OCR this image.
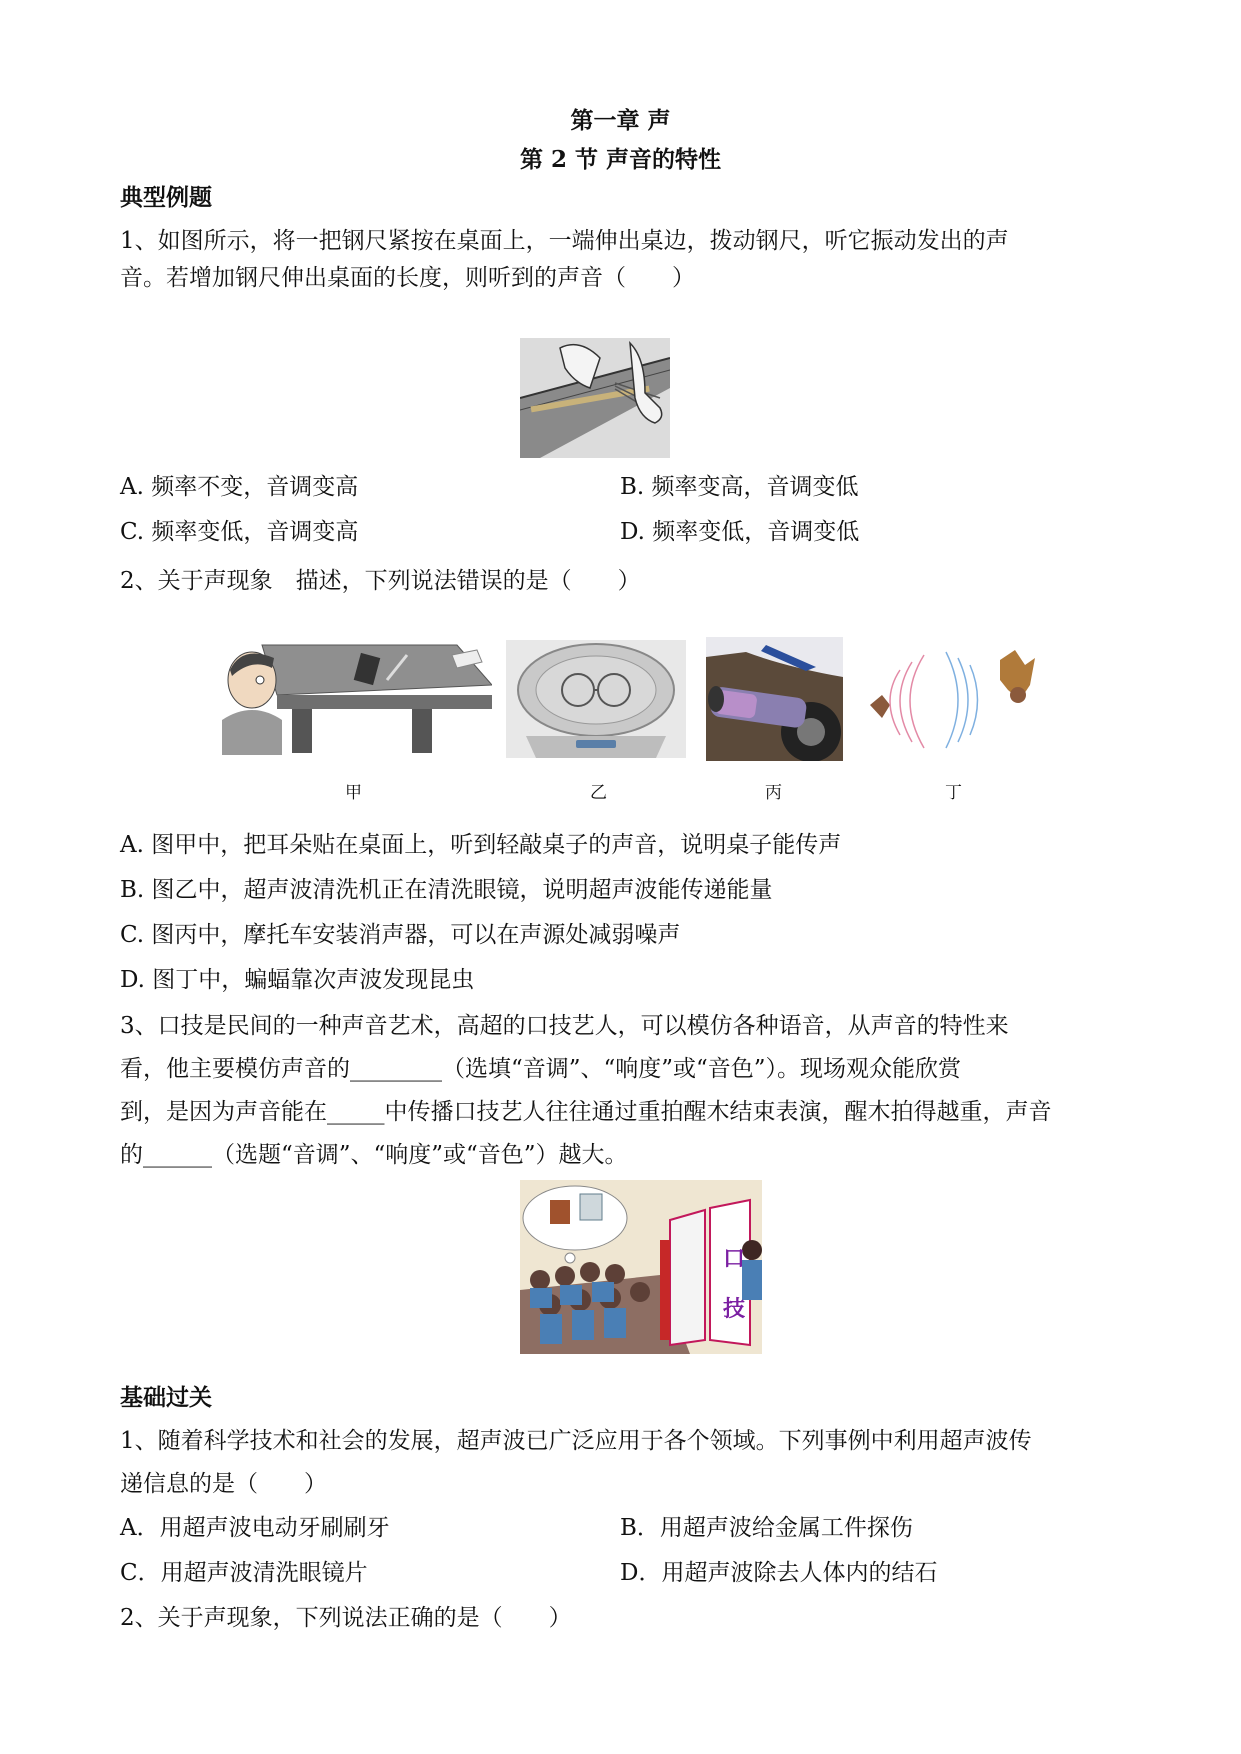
第一章 声
第 2 节 声音的特性
典型例题
1、如图所示，将一把钢尺紧按在桌面上，一端伸出桌边，拨动钢尺，听它振动发出的声
音。若增加钢尺伸出桌面的长度，则听到的声音（　　）
A. 频率不变，音调变高	B. 频率变高，音调变低
C. 频率变低，音调变高	D. 频率变低，音调变低
2、关于声现象　描述，下列说法错误的是（　　）
甲	乙	丙	丁
A. 图甲中，把耳朵贴在桌面上，听到轻敲桌子的声音，说明桌子能传声
B. 图乙中，超声波清洗机正在清洗眼镜，说明超声波能传递能量
C. 图丙中，摩托车安装消声器，可以在声源处减弱噪声
D. 图丁中，蝙蝠靠次声波发现昆虫
3、口技是民间的一种声音艺术，高超的口技艺人，可以模仿各种语音，从声音的特性来
看，他主要模仿声音的________（选填“音调”、“响度”或“音色”）。现场观众能欣赏
到，是因为声音能在_____中传播口技艺人往往通过重拍醒木结束表演，醒木拍得越重，声音
的______（选题“音调”、“响度”或“音色”）越大。
口
技
基础过关
1、随着科学技术和社会的发展，超声波已广泛应用于各个领域。下列事例中利用超声波传
递信息的是（　　）
A．用超声波电动牙刷刷牙	B．用超声波给金属工件探伤
C．用超声波清洗眼镜片	D．用超声波除去人体内的结石
2、关于声现象，下列说法正确的是（　　）
